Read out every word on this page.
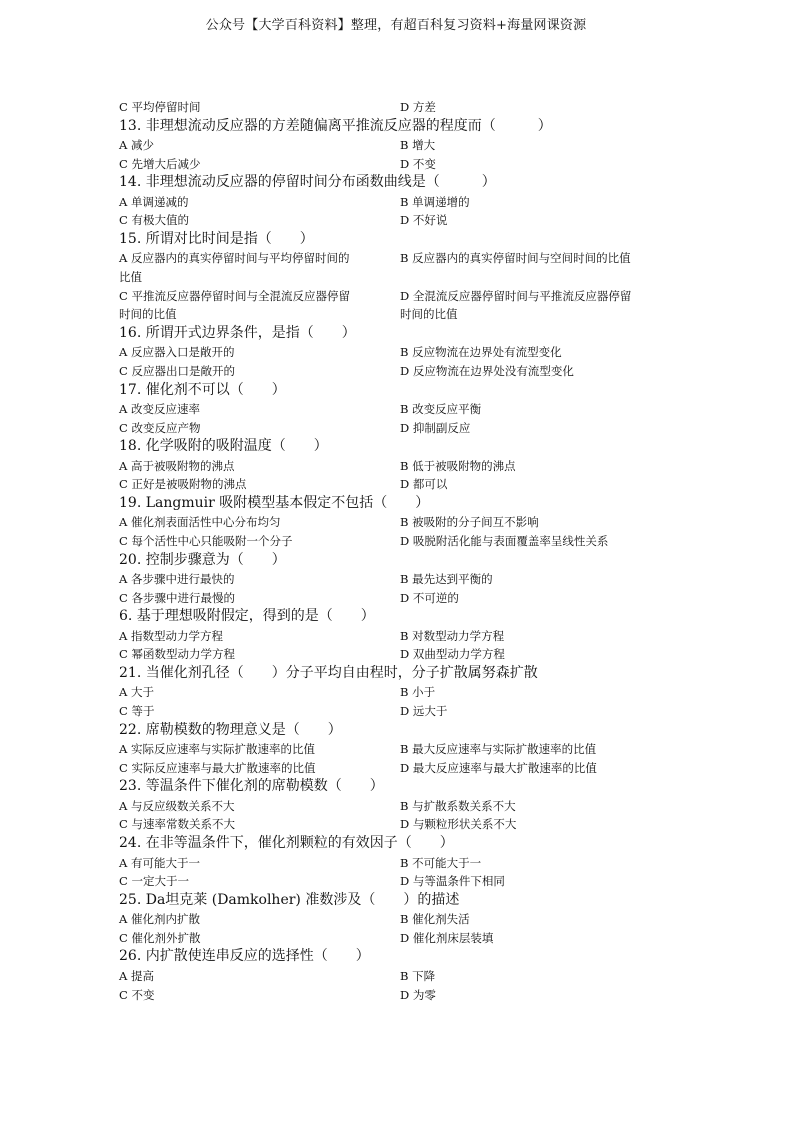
公众号【大学百科资料】整理，有超百科复习资料+海量网课资源
C 平均停留时间	D 方差
13. 非理想流动反应器的方差随偏离平推流反应器的程度而（　　　）
A 减少	B 增大
C 先增大后减少	D 不变
14. 非理想流动反应器的停留时间分布函数曲线是（　　　）
A 单调递减的	B 单调递增的
C 有极大值的	D 不好说
15. 所谓对比时间是指（　　）
A 反应器内的真实停留时间与平均停留时间的比值
B 反应器内的真实停留时间与空间时间的比值
C 平推流反应器停留时间与全混流反应器停留时间的比值
D 全混流反应器停留时间与平推流反应器停留时间的比值
16. 所谓开式边界条件，是指（　　）
A 反应器入口是敞开的	B 反应物流在边界处有流型变化
C 反应器出口是敞开的	D 反应物流在边界处没有流型变化
17. 催化剂不可以（　　）
A 改变反应速率	B 改变反应平衡
C 改变反应产物	D 抑制副反应
18. 化学吸附的吸附温度（　　）
A 高于被吸附物的沸点	B 低于被吸附物的沸点
C 正好是被吸附物的沸点	D 都可以
19. Langmuir 吸附模型基本假定不包括（　　）
A 催化剂表面活性中心分布均匀	B 被吸附的分子间互不影响
C 每个活性中心只能吸附一个分子	D 吸脱附活化能与表面覆盖率呈线性关系
20. 控制步骤意为（　　）
A 各步骤中进行最快的	B 最先达到平衡的
C 各步骤中进行最慢的	D 不可逆的
6. 基于理想吸附假定，得到的是（　　）
A 指数型动力学方程	B 对数型动力学方程
C 幂函数型动力学方程	D 双曲型动力学方程
21. 当催化剂孔径（　　）分子平均自由程时，分子扩散属努森扩散
A 大于	B 小于
C 等于	D 远大于
22. 席勒模数的物理意义是（　　）
A 实际反应速率与实际扩散速率的比值	B 最大反应速率与实际扩散速率的比值
C 实际反应速率与最大扩散速率的比值	D 最大反应速率与最大扩散速率的比值
23. 等温条件下催化剂的席勒模数（　　）
A 与反应级数关系不大	B 与扩散系数关系不大
C 与速率常数关系不大	D 与颗粒形状关系不大
24. 在非等温条件下，催化剂颗粒的有效因子（　　）
A 有可能大于一	B 不可能大于一
C 一定大于一	D 与等温条件下相同
25. Da坦克莱 (Damkolher) 准数涉及（　　）的描述
A 催化剂内扩散	B 催化剂失活
C 催化剂外扩散	D 催化剂床层装填
26. 内扩散使连串反应的选择性（　　）
A 提高	B 下降
C 不变	D 为零
